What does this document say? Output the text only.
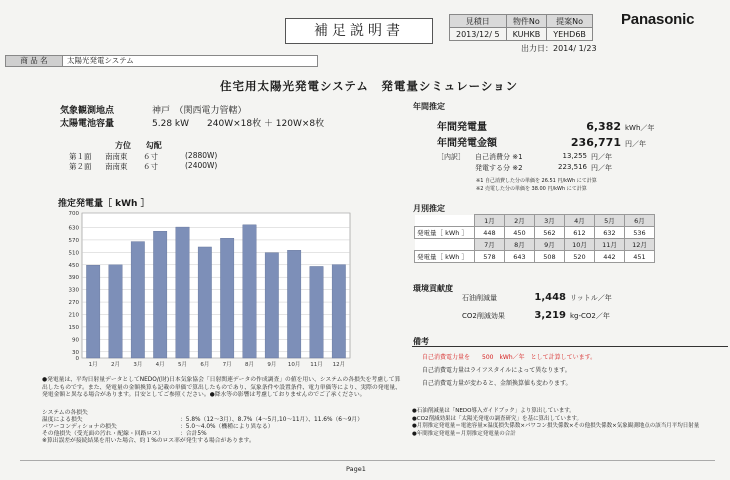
補足説明書
見積日	物件No	提案No
2013/12/ 5	KUHKB	YEHD6B
出力日：2014/ 1/23
Panasonic
商 品 名	太陽光発電システム
住宅用太陽光発電システム　発電量シミュレーション
気象観測地点	神戸　（関西電力管轄）
太陽電池容量	5.28 kW　　240W×18枚 ＋ 120W×8枚
方位 勾配
第１面	南南東	６寸	(2880W)
第２面	南南東	６寸	(2400W)
推定発電量［ kWh ］
0
30
90
150
210
270
330
390
450
510
570
630
700
1月 2月 3月 4月 5月 6月 7月 8月 9月 10月 11月 12月
●発電量は、平均日射量データとしてNEDO/(財)日本気象協会「日射関連データの作成調査」の値を用い、システムの各損失を考慮して算出したものです。また、発電量の金額換算も記載の単価で算出したものであり、気象条件や設置条件、電力単価等により、実際の発電量、発電金額と異なる場合があります。目安としてご参照ください。●降水等の影響は考慮しておりませんのでご了承ください。
システムの各損失
温度による損失	：5.8%（12〜3月）、8.7%（4〜5月,10〜11月）、11.6%（6〜9月）
パワーコンディショナの損失	：5.0〜4.0%（機種により異なる）
その他損失（受光面の汚れ・配線・回路ロス）	：合計5%
※算出誤差が接続結果を用いた場合、約１%のロス率が発生する場合があります。
年間推定
年間発電量	6,382 kWh／年
年間発電金額	236,771 円／年
［内訳］	自己消費分 ※1	13,255 円／年
発電する分 ※2	223,516 円／年
※1 自己消費した分の単価を 26.51 円/kWh にて計算
※2 売電した分の単価を 38.00 円/kWh にて計算
月別推定
	1月	2月	3月	4月	5月	6月
発電量［ kWh ］	448	450	562	612	632	536
	7月	8月	9月	10月	11月	12月
発電量［ kWh ］	578	643	508	520	442	451
環境貢献度
石油削減量	1,448 リットル／年
CO2削減効果	3,219 kg-CO2／年
備考
自己消費電力量を　　500　kWh／年　として計算しています。
自己消費電力量はライフスタイルによって異なります。
自己消費電力量が変わると、金額換算値も変わります。
●石油削減量は「NEDO導入ガイドブック」より算出しています。
●CO2削減効果は「太陽光発電の調査研究」を基に算出しています。
●月別推定発電量＝電池容量×温度損失係数×パワコン損失係数×その他損失係数×気象観測地点の該当月平均日射量
●年間推定発電量＝月別推定発電量の合計
Page1
